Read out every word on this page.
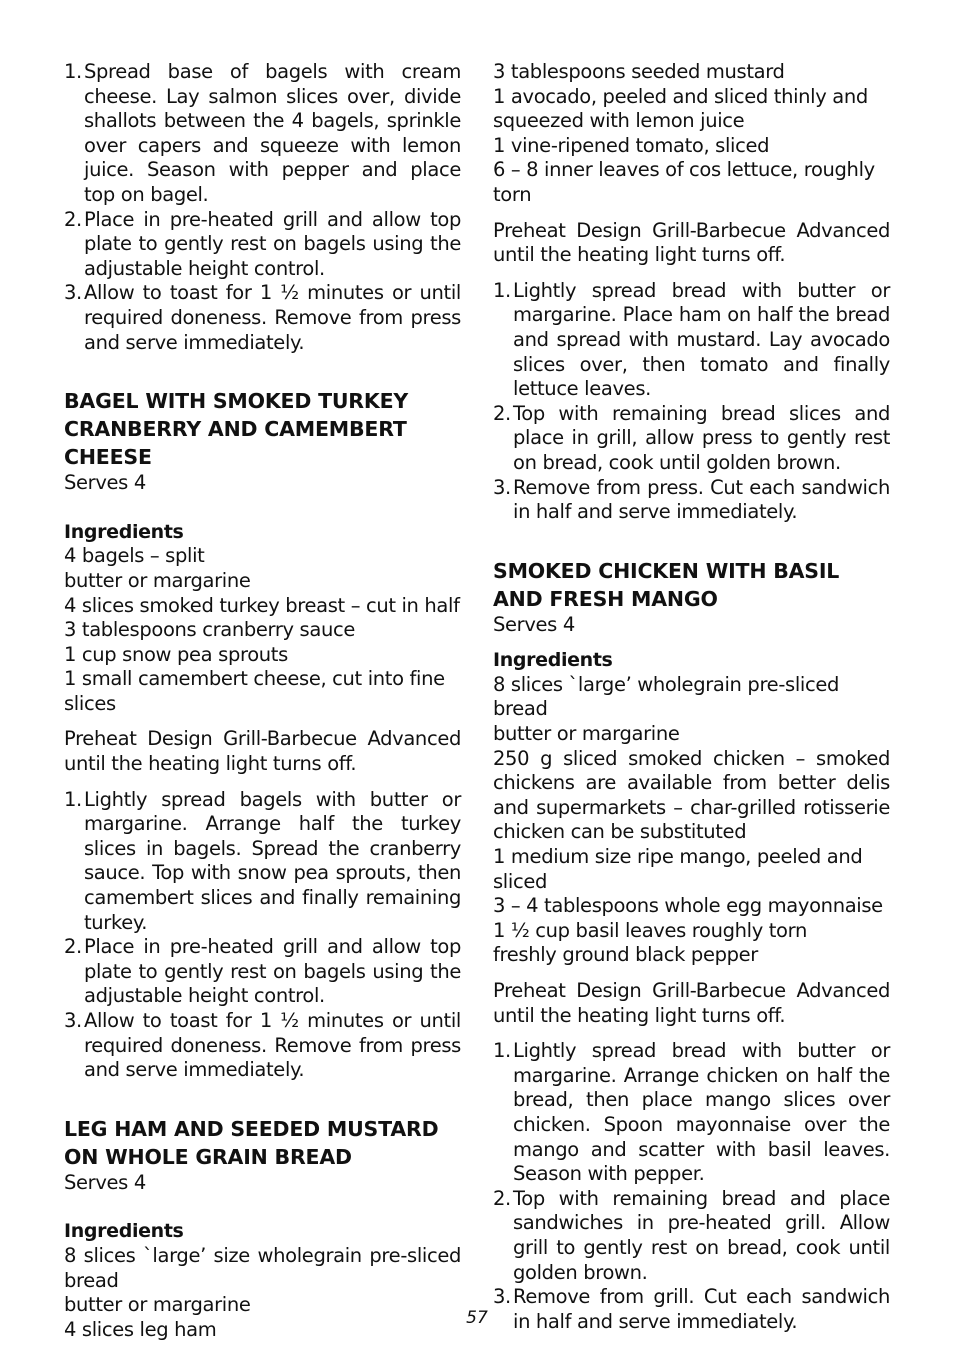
1. Spread base of bagels with cream cheese. Lay salmon slices over, divide shallots between the 4 bagels, sprinkle over capers and squeeze with lemon juice. Season with pepper and place top on bagel.
2. Place in pre-heated grill and allow top plate to gently rest on bagels using the adjustable height control.
3. Allow to toast for 1 ½ minutes or until required doneness. Remove from press and serve immediately.
BAGEL WITH SMOKED TURKEY CRANBERRY AND CAMEMBERT CHEESE

Serves 4

Ingredients

4 bagels – split

butter or margarine

4 slices smoked turkey breast – cut in half

3 tablespoons cranberry sauce

1 cup snow pea sprouts

1 small camembert cheese, cut into fine slices

Preheat Design Grill-Barbecue Advanced until the heating light turns off.

1. Lightly spread bagels with butter or margarine. Arrange half the turkey slices in bagels. Spread the cranberry sauce. Top with snow pea sprouts, then camembert slices and finally remaining turkey.
2. Place in pre-heated grill and allow top plate to gently rest on bagels using the adjustable height control.
3. Allow to toast for 1 ½ minutes or until required doneness. Remove from press and serve immediately.
LEG HAM AND SEEDED MUSTARD ON WHOLE GRAIN BREAD

Serves 4

Ingredients

8 slices `large’ size wholegrain pre-sliced bread

butter or margarine

4 slices leg ham

3 tablespoons seeded mustard

1 avocado, peeled and sliced thinly and squeezed with lemon juice

1 vine-ripened tomato, sliced

6 – 8 inner leaves of cos lettuce, roughly torn

Preheat Design Grill-Barbecue Advanced until the heating light turns off.

1. Lightly spread bread with butter or margarine. Place ham on half the bread and spread with mustard. Lay avocado slices over, then tomato and finally lettuce leaves.
2. Top with remaining bread slices and place in grill, allow press to gently rest on bread, cook until golden brown.
3. Remove from press. Cut each sandwich in half and serve immediately.
SMOKED CHICKEN WITH BASIL AND FRESH MANGO

Serves 4

Ingredients

8 slices `large’ wholegrain pre-sliced bread

butter or margarine

250 g sliced smoked chicken – smoked chickens are available from better delis and supermarkets – char-grilled rotisserie chicken can be substituted

1 medium size ripe mango, peeled and sliced

3 – 4 tablespoons whole egg mayonnaise

1 ½ cup basil leaves roughly torn

freshly ground black pepper

Preheat Design Grill-Barbecue Advanced until the heating light turns off.

1. Lightly spread bread with butter or margarine. Arrange chicken on half the bread, then place mango slices over chicken. Spoon mayonnaise over the mango and scatter with basil leaves. Season with pepper.
2. Top with remaining bread and place sandwiches in pre-heated grill. Allow grill to gently rest on bread, cook until golden brown.
3. Remove from grill. Cut each sandwich in half and serve immediately.
57
